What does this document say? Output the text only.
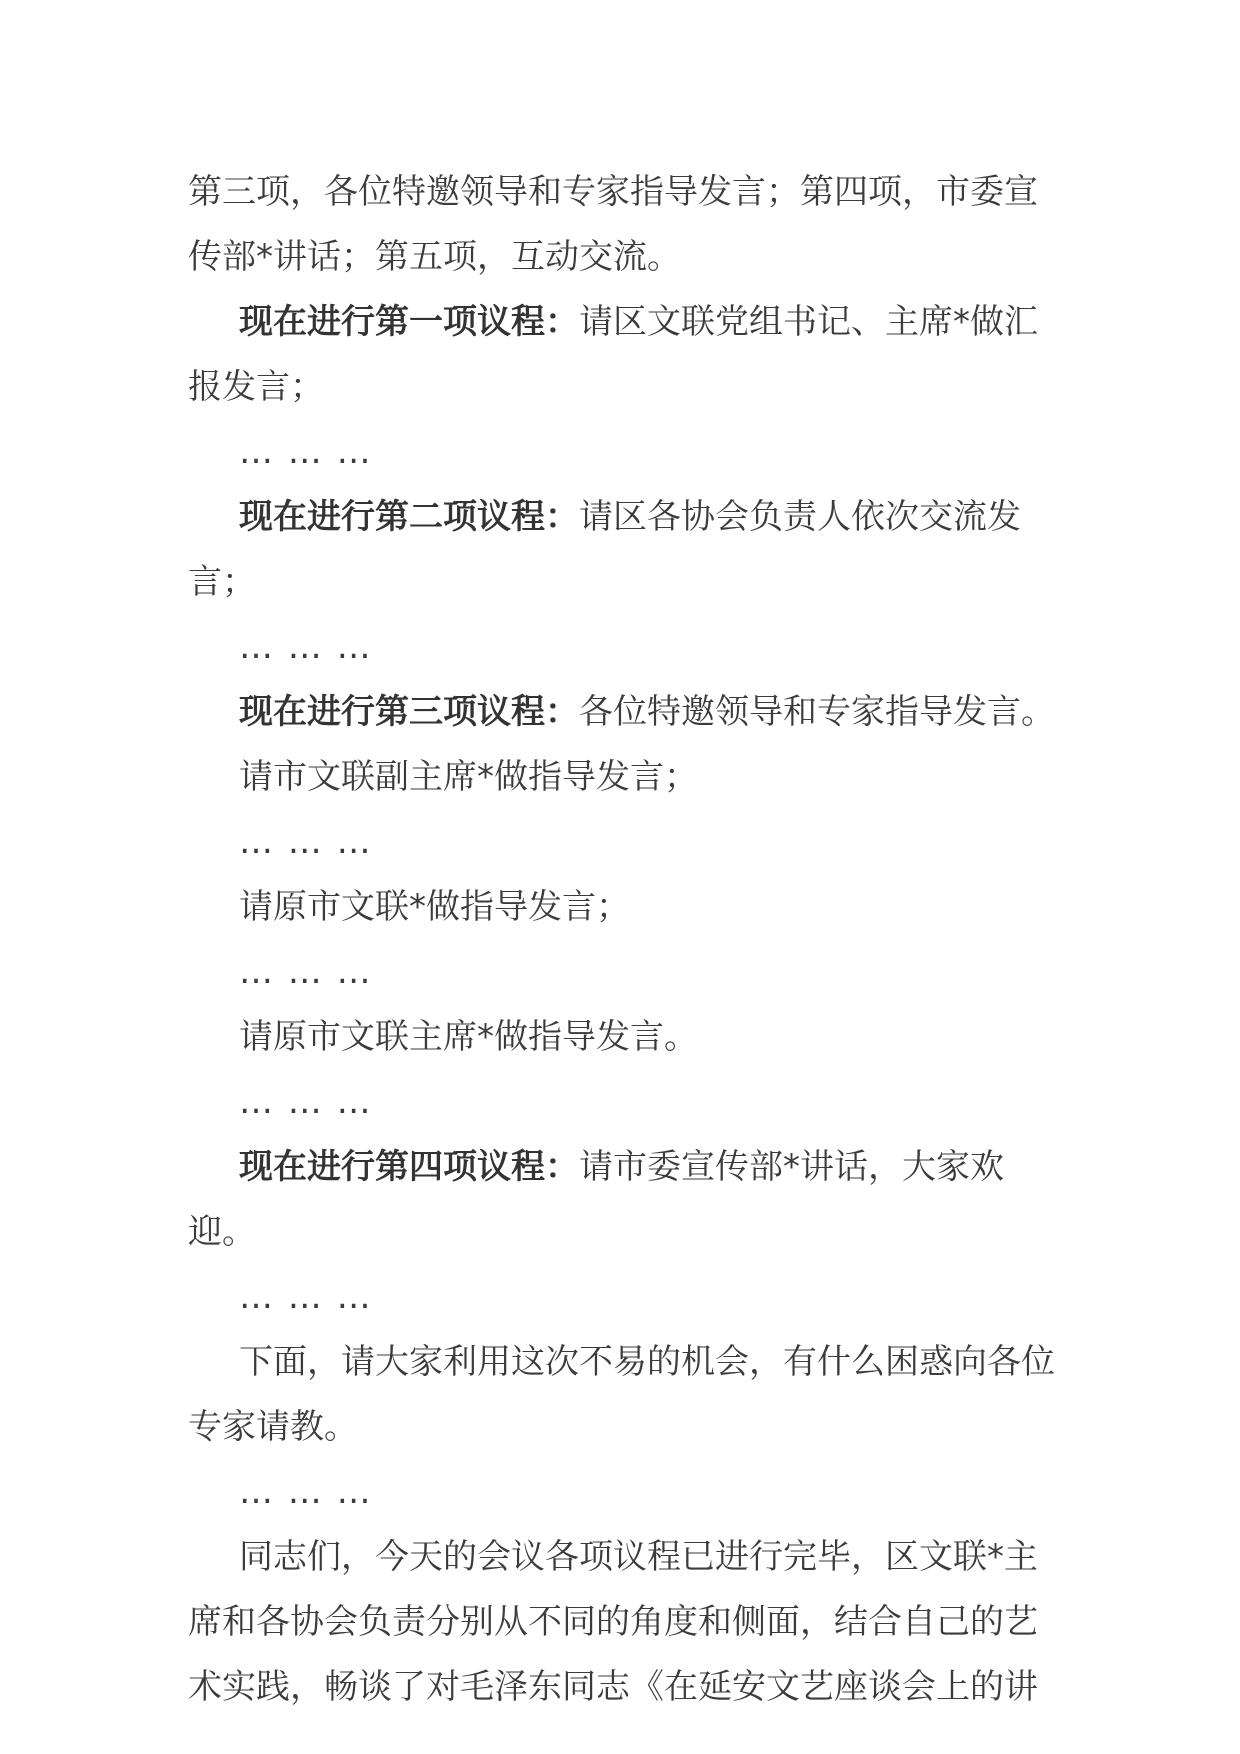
第三项，各位特邀领导和专家指导发言；第四项，市委宣传部*讲话；第五项，互动交流。

现在进行第一项议程：请区文联党组书记、主席*做汇报发言；

… … …

现在进行第二项议程：请区各协会负责人依次交流发言；

… … …

现在进行第三项议程：各位特邀领导和专家指导发言。

请市文联副主席*做指导发言；

… … …

请原市文联*做指导发言；

… … …

请原市文联主席*做指导发言。

… … …

现在进行第四项议程：请市委宣传部*讲话，大家欢迎。

… … …

下面，请大家利用这次不易的机会，有什么困惑向各位专家请教。

… … …

同志们，今天的会议各项议程已进行完毕，区文联*主席和各协会负责分别从不同的角度和侧面，结合自己的艺术实践，畅谈了对毛泽东同志《在延安文艺座谈会上的讲
